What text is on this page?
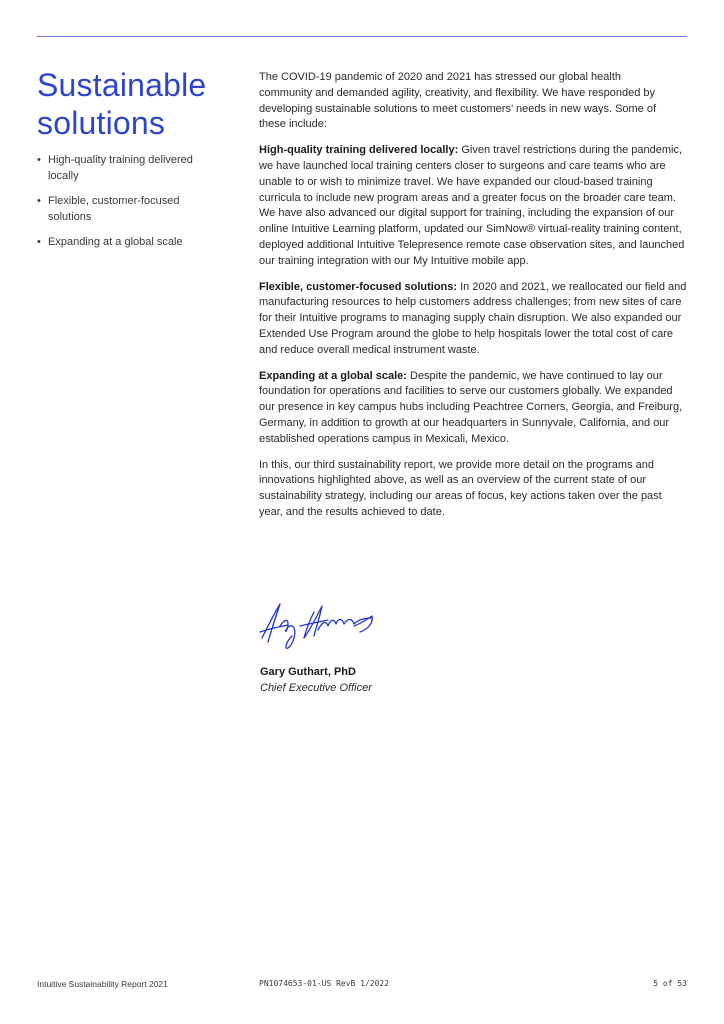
Sustainable
solutions
• High-quality training delivered locally
• Flexible, customer-focused solutions
• Expanding at a global scale

The COVID-19 pandemic of 2020 and 2021 has stressed our global health community and demanded agility, creativity, and flexibility. We have responded by developing sustainable solutions to meet customers’ needs in new ways. Some of these include:

High-quality training delivered locally: Given travel restrictions during the pandemic, we have launched local training centers closer to surgeons and care teams who are unable to or wish to minimize travel. We have expanded our cloud-based training curricula to include new program areas and a greater focus on the broader care team. We have also advanced our digital support for training, including the expansion of our online Intuitive Learning platform, updated our SimNow® virtual-reality training content, deployed additional Intuitive Telepresence remote case observation sites, and launched our training integration with our My Intuitive mobile app.

Flexible, customer-focused solutions: In 2020 and 2021, we reallocated our field and manufacturing resources to help customers address challenges; from new sites of care for their Intuitive programs to managing supply chain disruption. We also expanded our Extended Use Program around the globe to help hospitals lower the total cost of care and reduce overall medical instrument waste.

Expanding at a global scale: Despite the pandemic, we have continued to lay our foundation for operations and facilities to serve our customers globally. We expanded our presence in key campus hubs including Peachtree Corners, Georgia, and Freiburg, Germany, in addition to growth at our headquarters in Sunnyvale, California, and our established operations campus in Mexicali, Mexico.

In this, our third sustainability report, we provide more detail on the programs and innovations highlighted above, as well as an overview of the current state of our sustainability strategy, including our areas of focus, key actions taken over the past year, and the results achieved to date.

Gary Guthart, PhD
Chief Executive Officer
Intuitive Sustainability Report 2021	PN1074653-01-US RevB 1/2022	5 of 53
